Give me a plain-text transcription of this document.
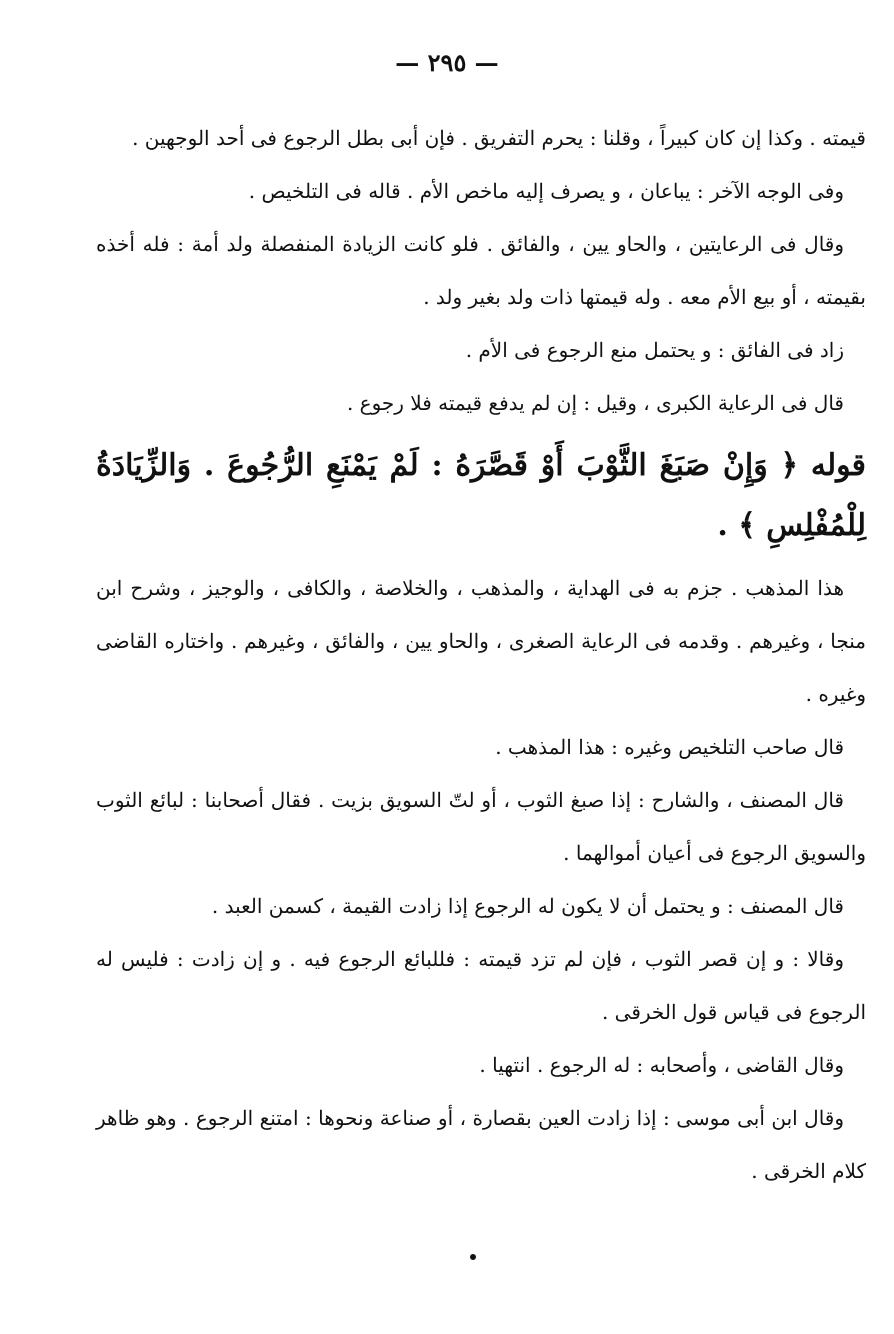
— ٢٩٥ —

قيمته . وكذا إن كان كبيراً ، وقلنا : يحرم التفريق . فإن أبى بطل الرجوع فى أحد الوجهين .

وفى الوجه الآخر : يباعان ، و يصرف إليه ماخص الأم . قاله فى التلخيص .

وقال فى الرعايتين ، والحاو يين ، والفائق . فلو كانت الزيادة المنفصلة ولد أمة : فله أخذه بقيمته ، أو بيع الأم معه . وله قيمتها ذات ولد بغير ولد .

زاد فى الفائق : و يحتمل منع الرجوع فى الأم .

قال فى الرعاية الكبرى ، وقيل : إن لم يدفع قيمته فلا رجوع .

قوله ﴿ وَإِنْ صَبَغَ الثَّوْبَ أَوْ قَصَّرَهُ : لَمْ يَمْنَعِ الرُّجُوعَ . وَالزِّيَادَةُ لِلْمُفْلِسِ ﴾ .

هذا المذهب . جزم به فى الهداية ، والمذهب ، والخلاصة ، والكافى ، والوجيز ، وشرح ابن منجا ، وغيرهم . وقدمه فى الرعاية الصغرى ، والحاو يين ، والفائق ، وغيرهم . واختاره القاضى وغيره .

قال صاحب التلخيص وغيره : هذا المذهب .

قال المصنف ، والشارح : إذا صبغ الثوب ، أو لتّ السويق بزيت . فقال أصحابنا : لبائع الثوب والسويق الرجوع فى أعيان أموالهما .

قال المصنف : و يحتمل أن لا يكون له الرجوع إذا زادت القيمة ، كسمن العبد .

وقالا : و إن قصر الثوب ، فإن لم تزد قيمته : فللبائع الرجوع فيه . و إن زادت : فليس له الرجوع فى قياس قول الخرقى .

وقال القاضى ، وأصحابه : له الرجوع . انتهيا .

وقال ابن أبى موسى : إذا زادت العين بقصارة ، أو صناعة ونحوها : امتنع الرجوع . وهو ظاهر كلام الخرقى .
